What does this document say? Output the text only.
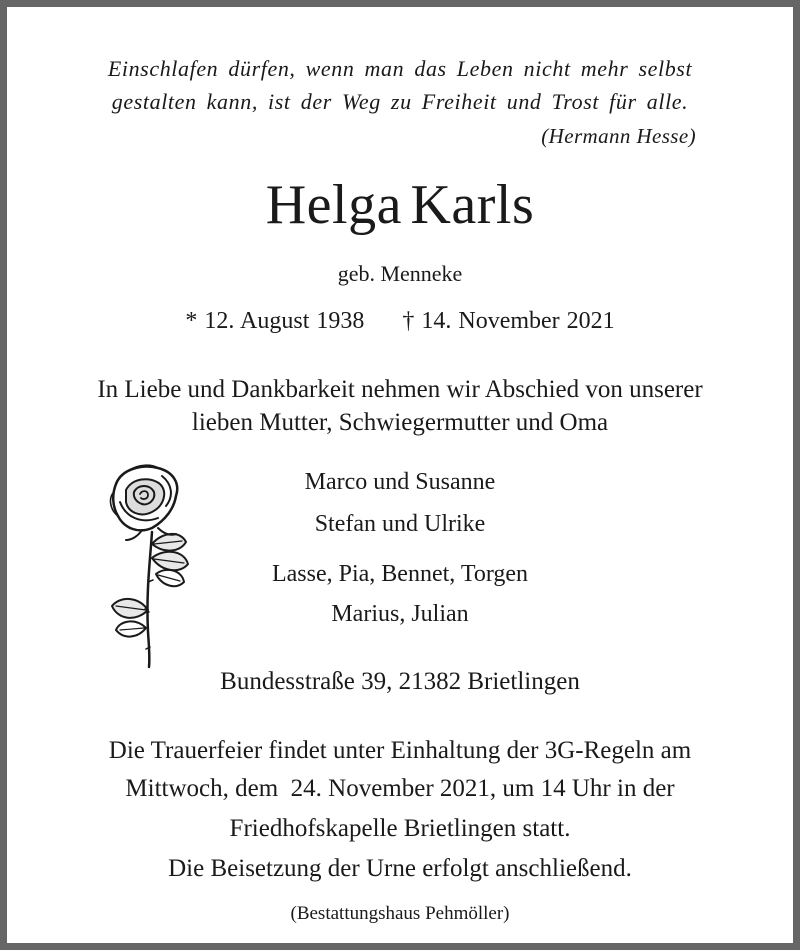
Einschlafen dürfen, wenn man das Leben nicht mehr selbst
gestalten kann, ist der Weg zu Freiheit und Trost für alle.
(Hermann Hesse)
Helga Karls
geb. Menneke
* 12. August 1938 † 14. November 2021
In Liebe und Dankbarkeit nehmen wir Abschied von unserer
lieben Mutter, Schwiegermutter und Oma
Marco und Susanne
Stefan und Ulrike
Lasse, Pia, Bennet, Torgen
Marius, Julian
Bundesstraße 39, 21382 Brietlingen
Die Trauerfeier findet unter Einhaltung der 3G-Regeln am
Mittwoch, dem  24. November 2021, um 14 Uhr in der
Friedhofskapelle Brietlingen statt.
Die Beisetzung der Urne erfolgt anschließend.
(Bestattungshaus Pehmöller)
